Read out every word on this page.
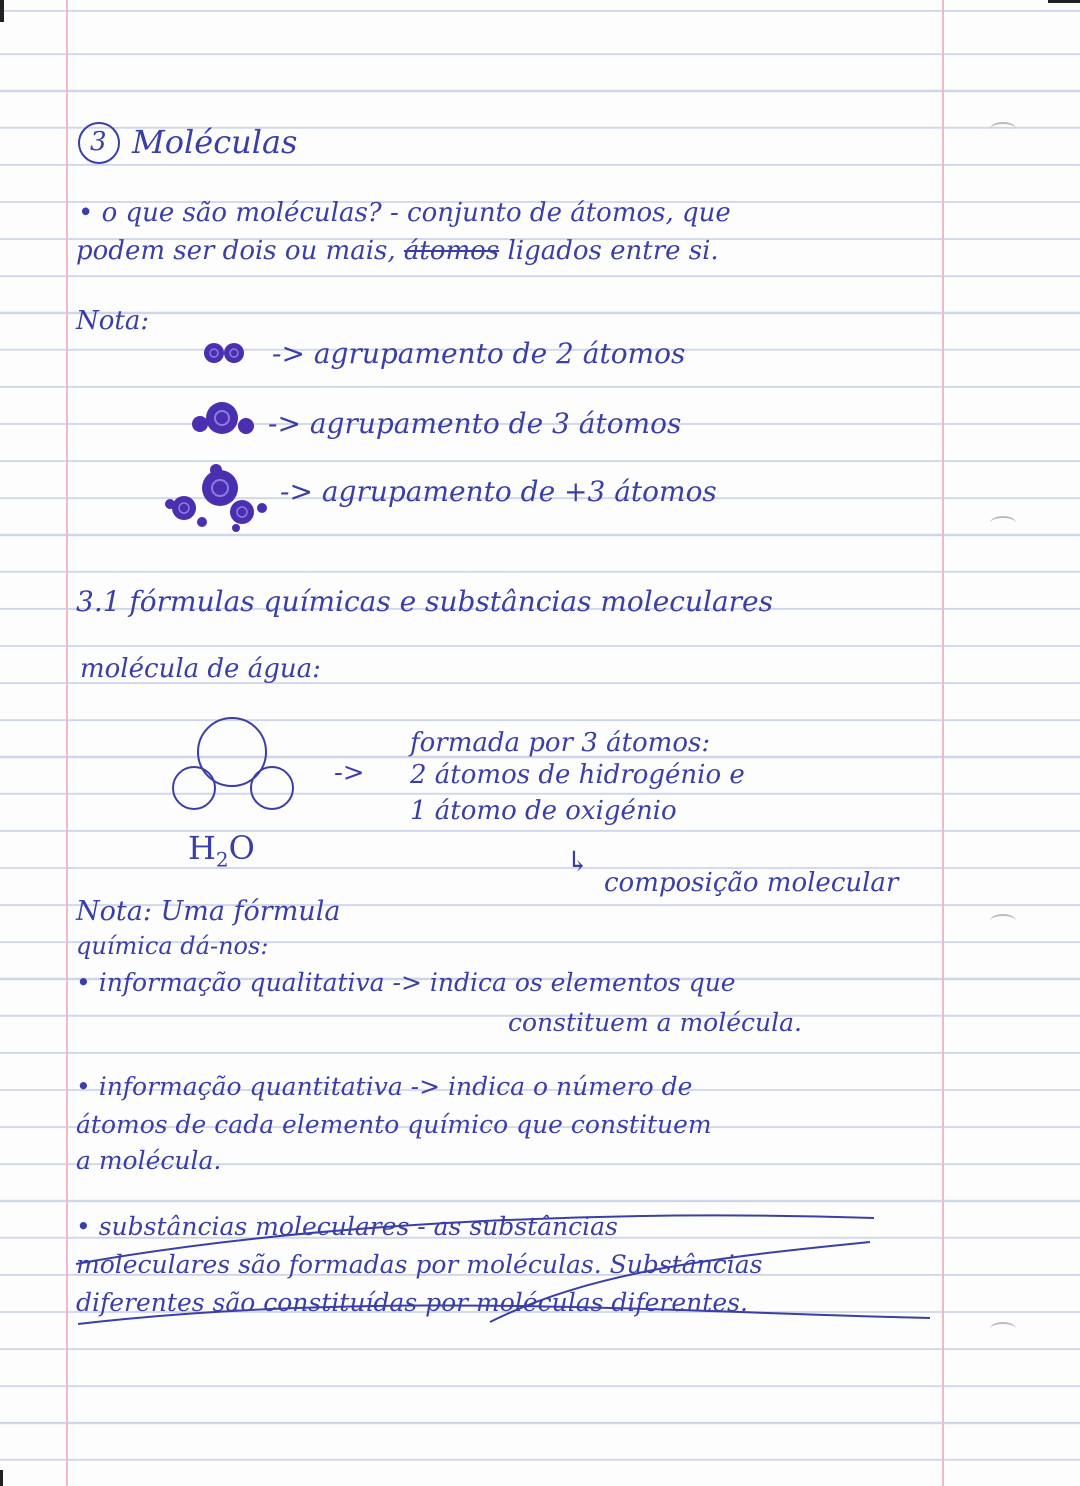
3 Moléculas
• o que são moléculas? - conjunto de átomos, que
podem ser dois ou mais, átomos ligados entre si.
Nota:
-> agrupamento de 2 átomos
-> agrupamento de 3 átomos
-> agrupamento de +3 átomos
3.1 fórmulas químicas e substâncias moleculares
molécula de água:
$H_2O$
->
formada por 3 átomos:
2 átomos de hidrogénio e
1 átomo de oxigénio
↳
composição molecular
Nota: Uma fórmula
química dá-nos:
• informação qualitativa -> indica os elementos que
constituem a molécula.
• informação quantitativa -> indica o número de
átomos de cada elemento químico que constituem
a molécula.
• substâncias moleculares - as substâncias
moleculares são formadas por moléculas. Substâncias
diferentes são constituídas por moléculas diferentes.
